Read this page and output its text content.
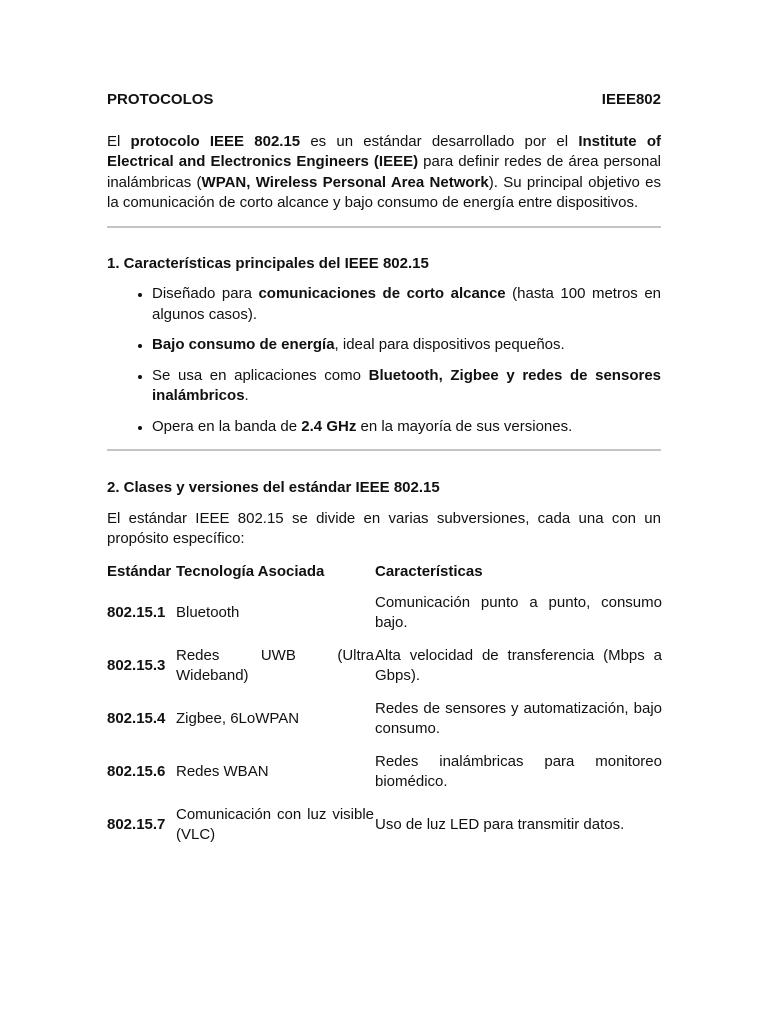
PROTOCOLOS	IEEE802

El protocolo IEEE 802.15 es un estándar desarrollado por el Institute of Electrical and Electronics Engineers (IEEE) para definir redes de área personal inalámbricas (WPAN, Wireless Personal Area Network). Su principal objetivo es la comunicación de corto alcance y bajo consumo de energía entre dispositivos.

1. Características principales del IEEE 802.15
• Diseñado para comunicaciones de corto alcance (hasta 100 metros en algunos casos).
• Bajo consumo de energía, ideal para dispositivos pequeños.
• Se usa en aplicaciones como Bluetooth, Zigbee y redes de sensores inalámbricos.
• Opera en la banda de 2.4 GHz en la mayoría de sus versiones.
2. Clases y versiones del estándar IEEE 802.15

El estándar IEEE 802.15 se divide en varias subversiones, cada una con un propósito específico:

Estándar	Tecnología Asociada	Características
802.15.1	Bluetooth	Comunicación punto a punto, consumo bajo.
802.15.3	Redes UWB (Ultra Wideband)	Alta velocidad de transferencia (Mbps a Gbps).
802.15.4	Zigbee, 6LoWPAN	Redes de sensores y automatización, bajo consumo.
802.15.6	Redes WBAN	Redes inalámbricas para monitoreo biomédico.
802.15.7	Comunicación con luz visible (VLC)	Uso de luz LED para transmitir datos.
